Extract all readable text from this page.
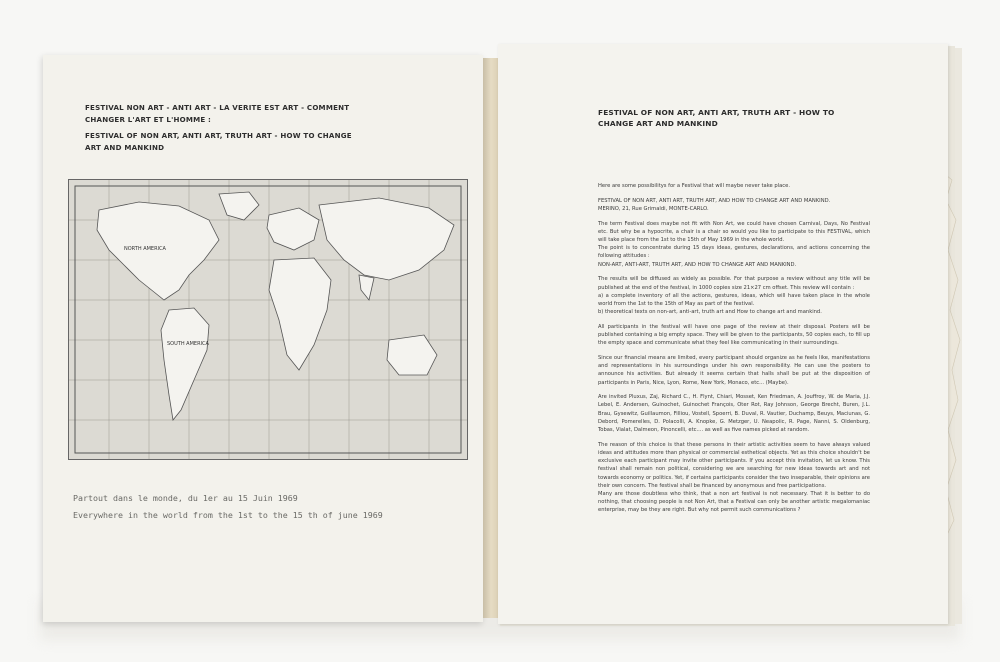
FESTIVAL NON ART - ANTI ART - LA VERITE EST ART - COMMENT CHANGER L'ART ET L'HOMME :

FESTIVAL OF NON ART, ANTI ART, TRUTH ART - HOW TO CHANGE ART AND MANKIND

NORTH AMERICA
SOUTH AMERICA

Partout dans le monde, du 1er au 15 Juin 1969

Everywhere in the world from the 1st to the 15 th of june 1969

FESTIVAL OF NON ART, ANTI ART, TRUTH ART - HOW TO CHANGE ART AND MANKIND

Here are some possibilitys for a Festival that will maybe never take place.

FESTIVAL OF NON ART, ANTI ART, TRUTH ART, AND HOW TO CHANGE ART AND MANKIND.

MERINO, 21, Rue Grimaldi, MONTE-CARLO.

The term Festival does maybe not fit with Non Art, we could have chosen Carnival, Days, No Festival etc. But why be a hypocrite, a chair is a chair so would you like to participate to this FESTIVAL, which will take place from the 1st to the 15th of May 1969 in the whole world.

The point is to concentrate during 15 days ideas, gestures, declarations, and actions concerning the following attitudes :

NON-ART, ANTI-ART, TRUTH ART, AND HOW TO CHANGE ART AND MANKIND.

The results will be diffused as widely as possible. For that purpose a review without any title will be published at the end of the festival, in 1000 copies size 21×27 cm offset. This review will contain :

a) a complete inventory of all the actions, gestures, ideas, which will have taken place in the whole world from the 1st to the 15th of May as part of the festival.

b) theoretical texts on non-art, anti-art, truth art and How to change art and mankind.

All participants in the festival will have one page of the review at their disposal. Posters will be published containing a big empty space. They will be given to the participants, 50 copies each, to fill up the empty space and communicate what they feel like communicating in their surroundings.

Since our financial means are limited, every participant should organize as he feels like, manifestations and representations in his surroundings under his own responsibility. He can use the posters to announce his activities. But already it seems certain that halls shall be put at the disposition of participants in Paris, Nice, Lyon, Rome, New York, Monaco, etc... (Maybe).

Are invited Pluxus, Zaj, Richard C., H. Flynt, Chiari, Mosset, Ken Friedman, A. Jouffroy, W. de Maria, J.J. Lebel, E. Andersen, Guinochet, Guinochet François, Oter Rot, Ray Johnson, George Brecht, Buren, J.L. Brau, Gysewitz, Guillaumon, Filliou, Vostell, Spoerri, B. Duval, R. Vautier, Duchamp, Beuys, Maciunas, G. Debord, Pomerelles, D. Polacolli, A. Knopke, G. Metzger, U. Neapolic, R. Page, Nanni, S. Oldenburg, Tobas, Vialat, Dalmeon, Pinoncelli, etc.... as well as five names picked at random.

The reason of this choice is that these persons in their artistic activities seem to have always valued ideas and attitudes more than physical or commercial esthetical objects. Yet as this choice shouldn't be exclusive each participant may invite other participants. If you accept this invitation, let us know. This festival shall remain non political, considering we are searching for new ideas towards art and not towards economy or politics. Yet, if certains participants consider the two inseparable, their opinions are their own concern. The festival shall be financed by anonymous and free participations.

Many are those doubtless who think, that a non art festival is not necessary. That it is better to do nothing, that choosing people is not Non Art, that a Festival can only be another artistic megalomaniac enterprise, may be they are right. But why not permit such communications ?
